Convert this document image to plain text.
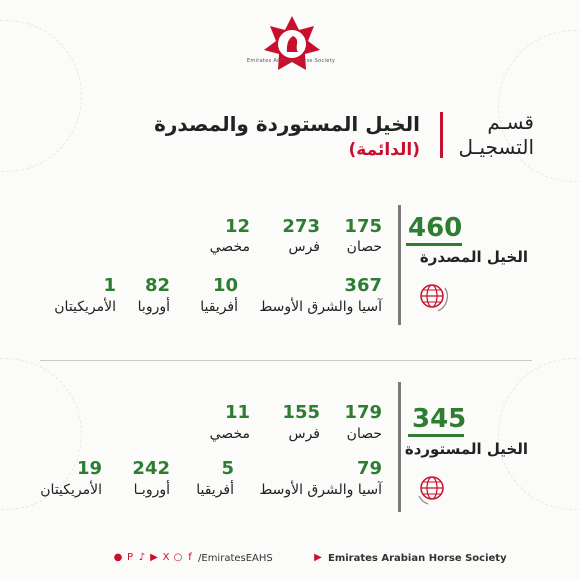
Emirates Arabian Horse Society
قسـم
التسجيـل
الخيل المستوردة والمصدرة
(الدائمة)
460
الخيل المصدرة
175
حصان
273
فرس
12
مخصي
367
آسيا والشرق الأوسط
10
أفريقيا
82
أوروبا
1
الأمريكيتان
345
الخيل المستوردة
179
حصان
155
فرس
11
مخصي
79
آسيا والشرق الأوسط
5
أفريقيا
242
أوروبـا
19
الأمريكيتان
● P ♪ ▶ X ○ f /EmiratesEAHS	▶ Emirates Arabian Horse Society
